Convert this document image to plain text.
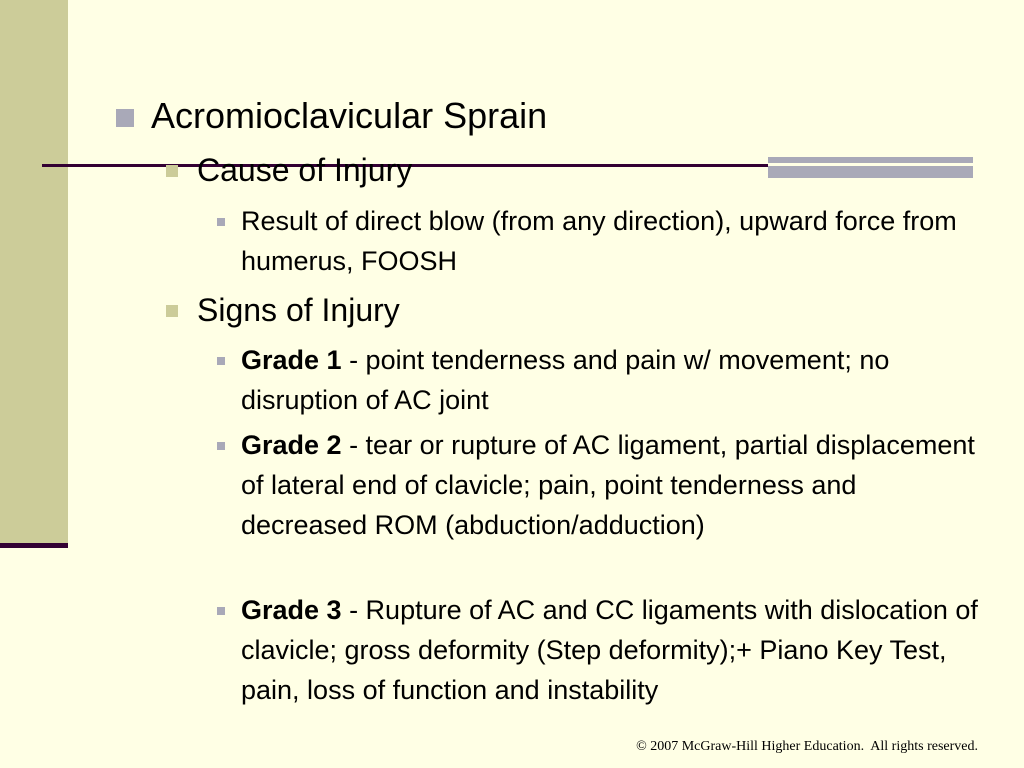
Acromioclavicular Sprain
Cause of Injury
Result of direct blow (from any direction), upward force from humerus, FOOSH
Signs of Injury
Grade 1 - point tenderness and pain w/ movement; no disruption of AC joint
Grade 2 - tear or rupture of AC ligament, partial displacement of lateral end of clavicle; pain, point tenderness and decreased ROM (abduction/adduction)
Grade 3 - Rupture of AC and CC ligaments with dislocation of clavicle; gross deformity (Step deformity);+ Piano Key Test, pain, loss of function and instability
© 2007 McGraw-Hill Higher Education.  All rights reserved.
